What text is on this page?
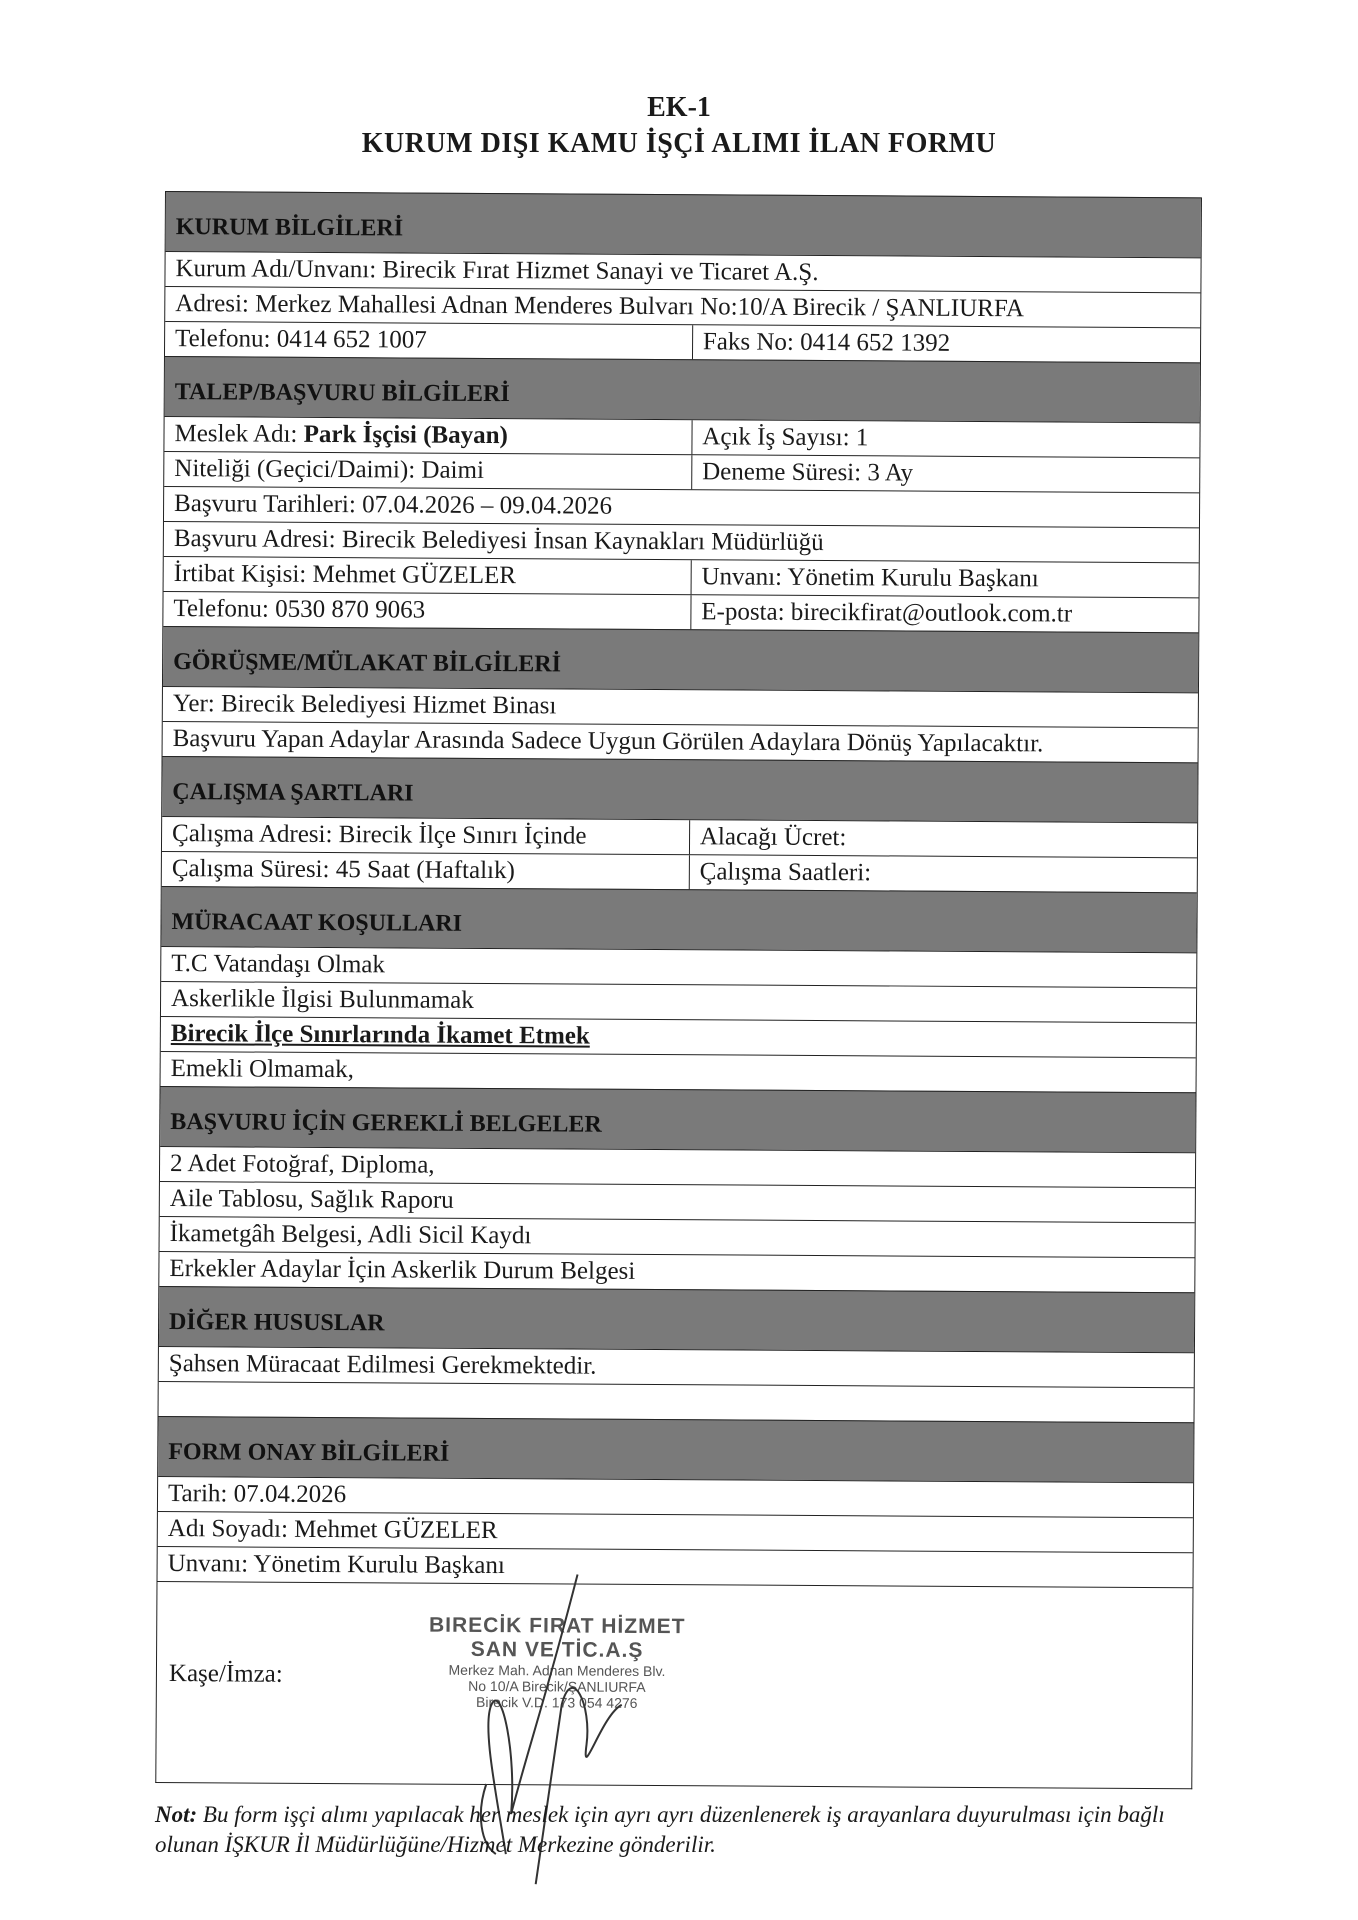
EK-1
KURUM DIŞI KAMU İŞÇİ ALIMI İLAN FORMU
KURUM BİLGİLERİ
Kurum Adı/Unvanı: Birecik Fırat Hizmet Sanayi ve Ticaret A.Ş.
Adresi: Merkez Mahallesi Adnan Menderes Bulvarı No:10/A Birecik / ŞANLIURFA
Telefonu: 0414 652 1007	Faks No: 0414 652 1392
TALEP/BAŞVURU BİLGİLERİ
Meslek Adı: Park İşçisi (Bayan)	Açık İş Sayısı: 1
Niteliği (Geçici/Daimi): Daimi	Deneme Süresi: 3 Ay
Başvuru Tarihleri: 07.04.2026 – 09.04.2026
Başvuru Adresi: Birecik Belediyesi İnsan Kaynakları Müdürlüğü
İrtibat Kişisi: Mehmet GÜZELER	Unvanı: Yönetim Kurulu Başkanı
Telefonu: 0530 870 9063	E-posta: birecikfirat@outlook.com.tr
GÖRÜŞME/MÜLAKAT BİLGİLERİ
Yer: Birecik Belediyesi Hizmet Binası
Başvuru Yapan Adaylar Arasında Sadece Uygun Görülen Adaylara Dönüş Yapılacaktır.
ÇALIŞMA ŞARTLARI
Çalışma Adresi: Birecik İlçe Sınırı İçinde	Alacağı Ücret:
Çalışma Süresi: 45 Saat (Haftalık)	Çalışma Saatleri:
MÜRACAAT KOŞULLARI
T.C Vatandaşı Olmak
Askerlikle İlgisi Bulunmamak
Birecik İlçe Sınırlarında İkamet Etmek
Emekli Olmamak,
BAŞVURU İÇİN GEREKLİ BELGELER
2 Adet Fotoğraf, Diploma,
Aile Tablosu, Sağlık Raporu
İkametgâh Belgesi, Adli Sicil Kaydı
Erkekler Adaylar İçin Askerlik Durum Belgesi
DİĞER HUSUSLAR
Şahsen Müracaat Edilmesi Gerekmektedir.
FORM ONAY BİLGİLERİ
Tarih: 07.04.2026
Adı Soyadı: Mehmet GÜZELER
Unvanı: Yönetim Kurulu Başkanı
Kaşe/İmza:
BIRECİK FIRAT HİZMET
SAN VE TİC.A.Ş
Merkez Mah. Adnan Menderes Blv.
No 10/A Birecik/ŞANLIURFA
Birecik V.D. 173 054 4276
Not: Bu form işçi alımı yapılacak her meslek için ayrı ayrı düzenlenerek iş arayanlara duyurulması için bağlı olunan İŞKUR İl Müdürlüğüne/Hizmet Merkezine gönderilir.
